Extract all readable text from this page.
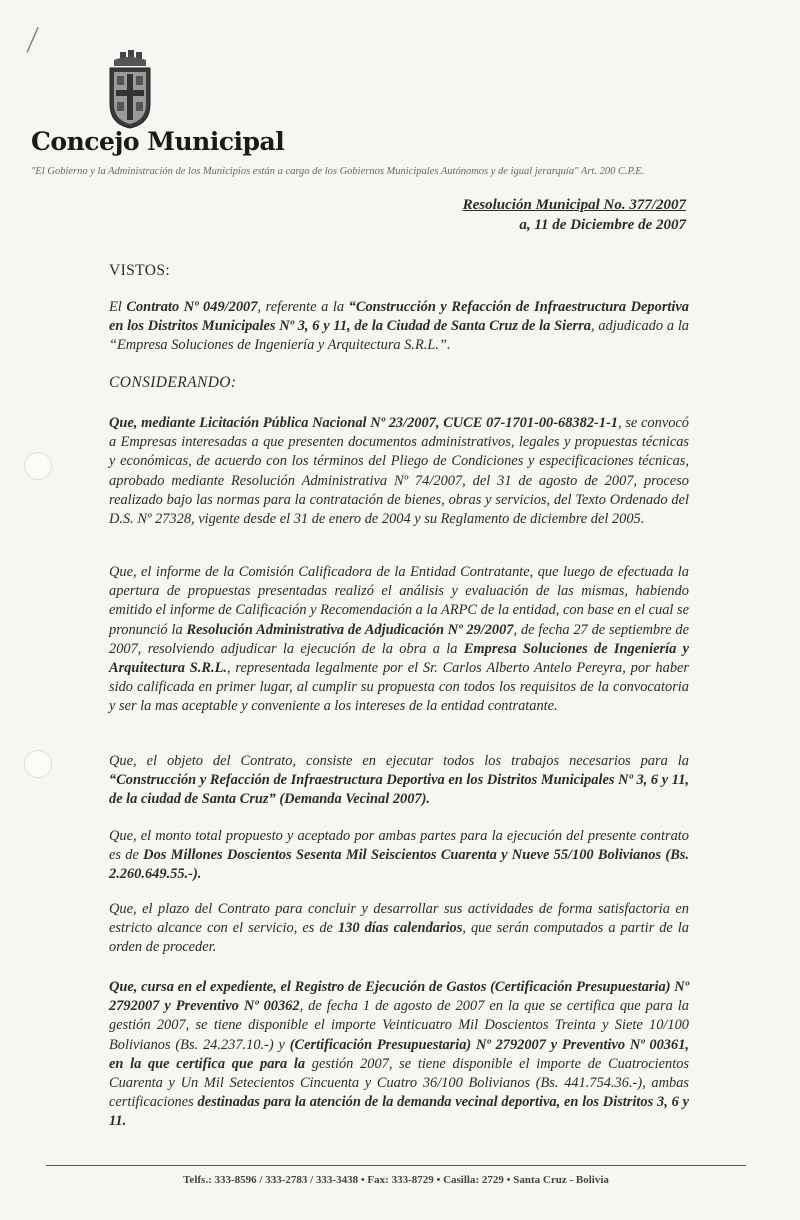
⁄
Concejo Municipal
"El Gobierno y la Administración de los Municipios están a cargo de los Gobiernos Municipales Autónomos y de igual jerarquía" Art. 200 C.P.E.
Resolución Municipal No. 377/2007
a, 11 de Diciembre de 2007
VISTOS:
El Contrato Nº 049/2007, referente a la “Construcción y Refacción de Infraestructura Deportiva en los Distritos Municipales Nº 3, 6 y 11, de la Ciudad de Santa Cruz de la Sierra, adjudicado a la “Empresa Soluciones de Ingeniería y Arquitectura S.R.L.”.
CONSIDERANDO:
Que, mediante Licitación Pública Nacional Nº 23/2007, CUCE 07-1701-00-68382-1-1, se convocó a Empresas interesadas a que presenten documentos administrativos, legales y propuestas técnicas y económicas, de acuerdo con los términos del Pliego de Condiciones y especificaciones técnicas, aprobado mediante Resolución Administrativa Nº 74/2007, del 31 de agosto de 2007, proceso realizado bajo las normas para la contratación de bienes, obras y servicios, del Texto Ordenado del D.S. Nº 27328, vigente desde el 31 de enero de 2004 y su Reglamento de diciembre del 2005.
Que, el informe de la Comisión Calificadora de la Entidad Contratante, que luego de efectuada la apertura de propuestas presentadas realizó el análisis y evaluación de las mismas, habiendo emitido el informe de Calificación y Recomendación a la ARPC de la entidad, con base en el cual se pronunció la Resolución Administrativa de Adjudicación Nº 29/2007, de fecha 27 de septiembre de 2007, resolviendo adjudicar la ejecución de la obra a la Empresa Soluciones de Ingeniería y Arquitectura S.R.L., representada legalmente por el Sr. Carlos Alberto Antelo Pereyra, por haber sido calificada en primer lugar, al cumplir su propuesta con todos los requisitos de la convocatoria y ser la mas aceptable y conveniente a los intereses de la entidad contratante.
Que, el objeto del Contrato, consiste en ejecutar todos los trabajos necesarios para la “Construcción y Refacción de Infraestructura Deportiva en los Distritos Municipales Nº 3, 6 y 11, de la ciudad de Santa Cruz” (Demanda Vecinal 2007).
Que, el monto total propuesto y aceptado por ambas partes para la ejecución del presente contrato es de Dos Millones Doscientos Sesenta Mil Seiscientos Cuarenta y Nueve 55/100 Bolivianos (Bs. 2.260.649.55.-).
Que, el plazo del Contrato para concluir y desarrollar sus actividades de forma satisfactoria en estricto alcance con el servicio, es de 130 días calendarios, que serán computados a partir de la orden de proceder.
Que, cursa en el expediente, el Registro de Ejecución de Gastos (Certificación Presupuestaria) Nº 2792007 y Preventivo Nº 00362, de fecha 1 de agosto de 2007 en la que se certifica que para la gestión 2007, se tiene disponible el importe Veinticuatro Mil Doscientos Treinta y Siete 10/100 Bolivianos (Bs. 24.237.10.-) y (Certificación Presupuestaria) Nº 2792007 y Preventivo Nº 00361, en la que certifica que para la gestión 2007, se tiene disponible el importe de Cuatrocientos Cuarenta y Un Mil Setecientos Cincuenta y Cuatro 36/100 Bolivianos (Bs. 441.754.36.-), ambas certificaciones destinadas para la atención de la demanda vecinal deportiva, en los Distritos 3, 6 y 11.
Telfs.: 333-8596 / 333-2783 / 333-3438 • Fax: 333-8729 • Casilla: 2729 • Santa Cruz - Bolivia
